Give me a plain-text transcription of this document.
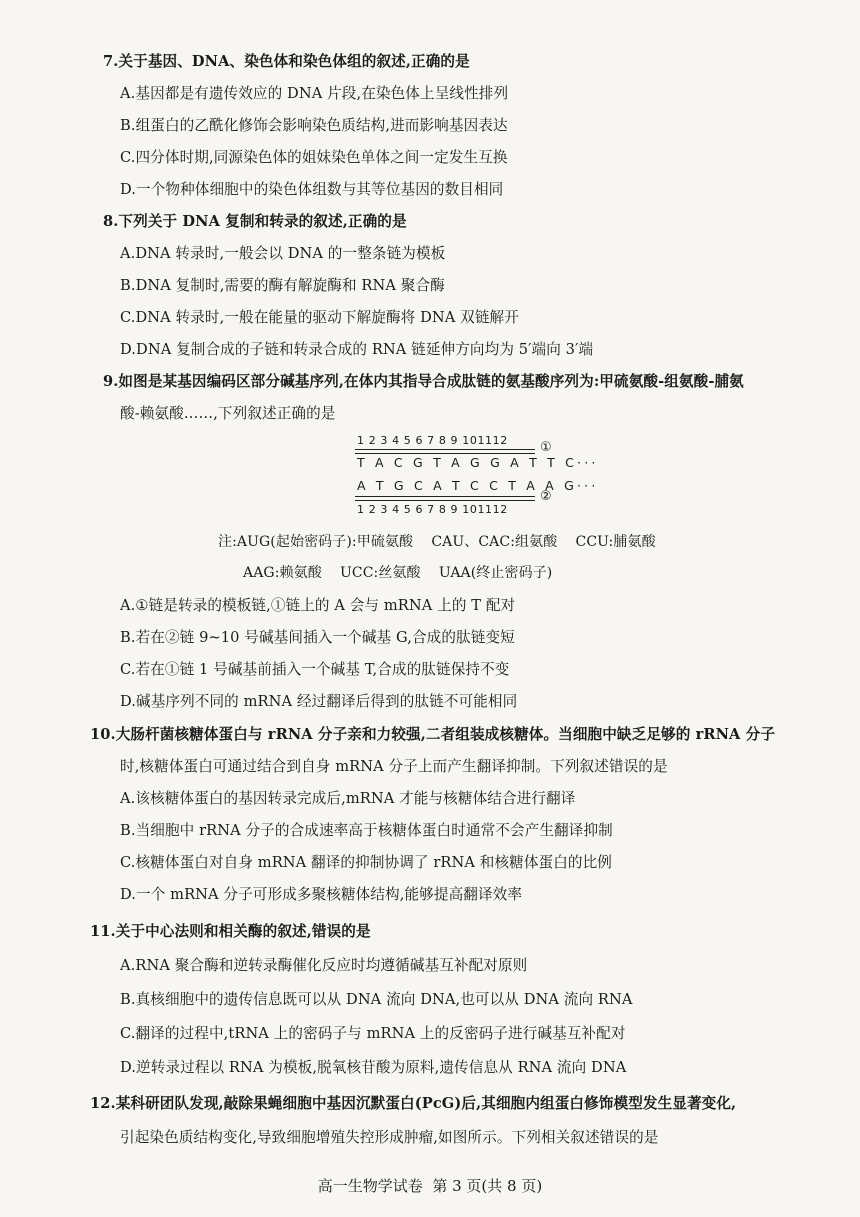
7.关于基因、DNA、染色体和染色体组的叙述,正确的是
A.基因都是有遗传效应的 DNA 片段,在染色体上呈线性排列
B.组蛋白的乙酰化修饰会影响染色质结构,进而影响基因表达
C.四分体时期,同源染色体的姐妹染色单体之间一定发生互换
D.一个物种体细胞中的染色体组数与其等位基因的数目相同
8.下列关于 DNA 复制和转录的叙述,正确的是
A.DNA 转录时,一般会以 DNA 的一整条链为模板
B.DNA 复制时,需要的酶有解旋酶和 RNA 聚合酶
C.DNA 转录时,一般在能量的驱动下解旋酶将 DNA 双链解开
D.DNA 复制合成的子链和转录合成的 RNA 链延伸方向均为 5′端向 3′端
9.如图是某基因编码区部分碱基序列,在体内其指导合成肽链的氨基酸序列为:甲硫氨酸-组氨酸-脯氨
酸-赖氨酸……,下列叙述正确的是
1 2 3 4 5 6 7 8 9 101112 ①
T A C G T A G G A T T C···
A T G C A T C C T A A G···
②
1 2 3 4 5 6 7 8 9 101112
注:AUG(起始密码子):甲硫氨酸    CAU、CAC:组氨酸    CCU:脯氨酸
AAG:赖氨酸    UCC:丝氨酸    UAA(终止密码子)
A.①链是转录的模板链,①链上的 A 会与 mRNA 上的 T 配对
B.若在②链 9~10 号碱基间插入一个碱基 G,合成的肽链变短
C.若在①链 1 号碱基前插入一个碱基 T,合成的肽链保持不变
D.碱基序列不同的 mRNA 经过翻译后得到的肽链不可能相同
10.大肠杆菌核糖体蛋白与 rRNA 分子亲和力较强,二者组装成核糖体。当细胞中缺乏足够的 rRNA 分子
时,核糖体蛋白可通过结合到自身 mRNA 分子上而产生翻译抑制。下列叙述错误的是
A.该核糖体蛋白的基因转录完成后,mRNA 才能与核糖体结合进行翻译
B.当细胞中 rRNA 分子的合成速率高于核糖体蛋白时通常不会产生翻译抑制
C.核糖体蛋白对自身 mRNA 翻译的抑制协调了 rRNA 和核糖体蛋白的比例
D.一个 mRNA 分子可形成多聚核糖体结构,能够提高翻译效率
11.关于中心法则和相关酶的叙述,错误的是
A.RNA 聚合酶和逆转录酶催化反应时均遵循碱基互补配对原则
B.真核细胞中的遗传信息既可以从 DNA 流向 DNA,也可以从 DNA 流向 RNA
C.翻译的过程中,tRNA 上的密码子与 mRNA 上的反密码子进行碱基互补配对
D.逆转录过程以 RNA 为模板,脱氧核苷酸为原料,遗传信息从 RNA 流向 DNA
12.某科研团队发现,敲除果蝇细胞中基因沉默蛋白(PcG)后,其细胞内组蛋白修饰模型发生显著变化,
引起染色质结构变化,导致细胞增殖失控形成肿瘤,如图所示。下列相关叙述错误的是
高一生物学试卷  第 3 页(共 8 页)
